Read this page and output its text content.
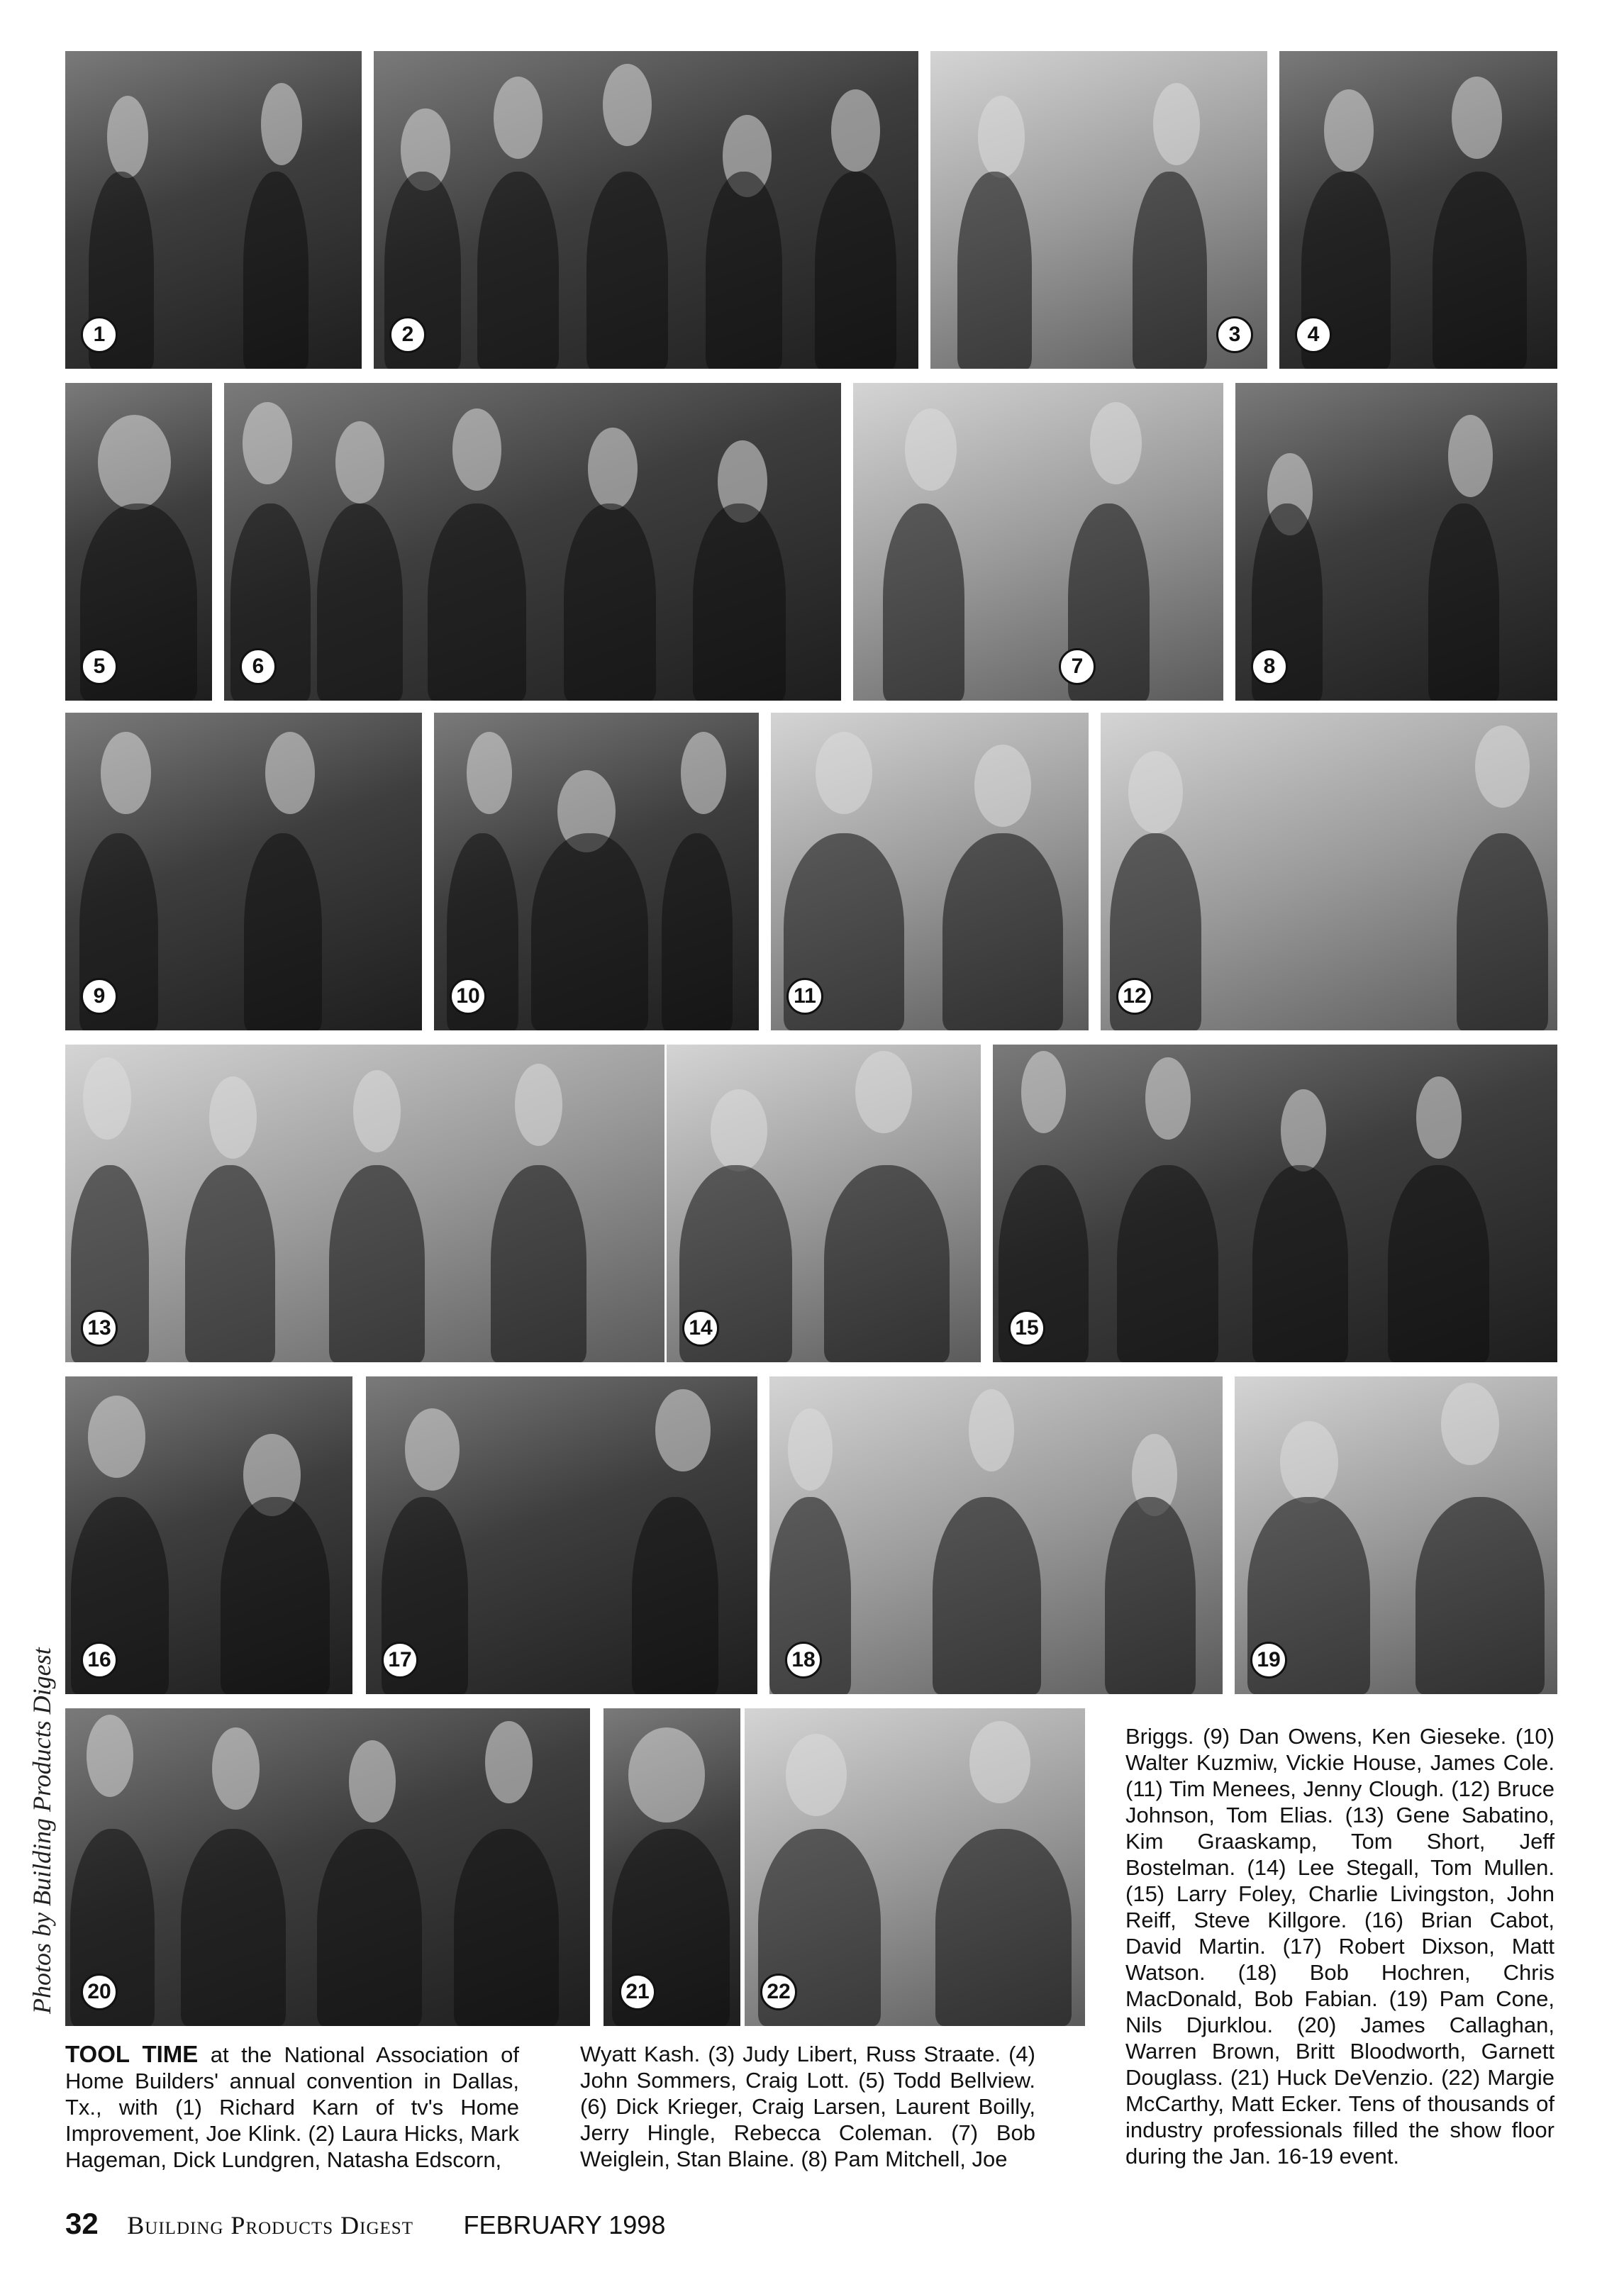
1	2	3	4
5	6	7	8
9	10	11	12
13	14	15
16	17	18	19
20	21	22
Photos by Building Products Digest
TOOL TIME at the National Association of Home Builders' annual convention in Dallas, Tx., with (1) Richard Karn of tv's Home Improvement, Joe Klink. (2) Laura Hicks, Mark Hageman, Dick Lundgren, Natasha Edscorn,
Wyatt Kash. (3) Judy Libert, Russ Straate. (4) John Sommers, Craig Lott. (5) Todd Bellview. (6) Dick Krieger, Craig Larsen, Laurent Boilly, Jerry Hingle, Rebecca Coleman. (7) Bob Weiglein, Stan Blaine. (8) Pam Mitchell, Joe
Briggs. (9) Dan Owens, Ken Gieseke. (10) Walter Kuzmiw, Vickie House, James Cole. (11) Tim Menees, Jenny Clough. (12) Bruce Johnson, Tom Elias. (13) Gene Sabatino, Kim Graaskamp, Tom Short, Jeff Bostelman. (14) Lee Stegall, Tom Mullen. (15) Larry Foley, Charlie Livingston, John Reiff, Steve Killgore. (16) Brian Cabot, David Martin. (17) Robert Dixson, Matt Watson. (18) Bob Hochren, Chris MacDonald, Bob Fabian. (19) Pam Cone, Nils Djurklou. (20) James Callaghan, Warren Brown, Britt Bloodworth, Garnett Douglass. (21) Huck DeVenzio. (22) Margie McCarthy, Matt Ecker. Tens of thousands of industry professionals filled the show floor during the Jan. 16-19 event.
32 Building Products Digest FEBRUARY 1998
